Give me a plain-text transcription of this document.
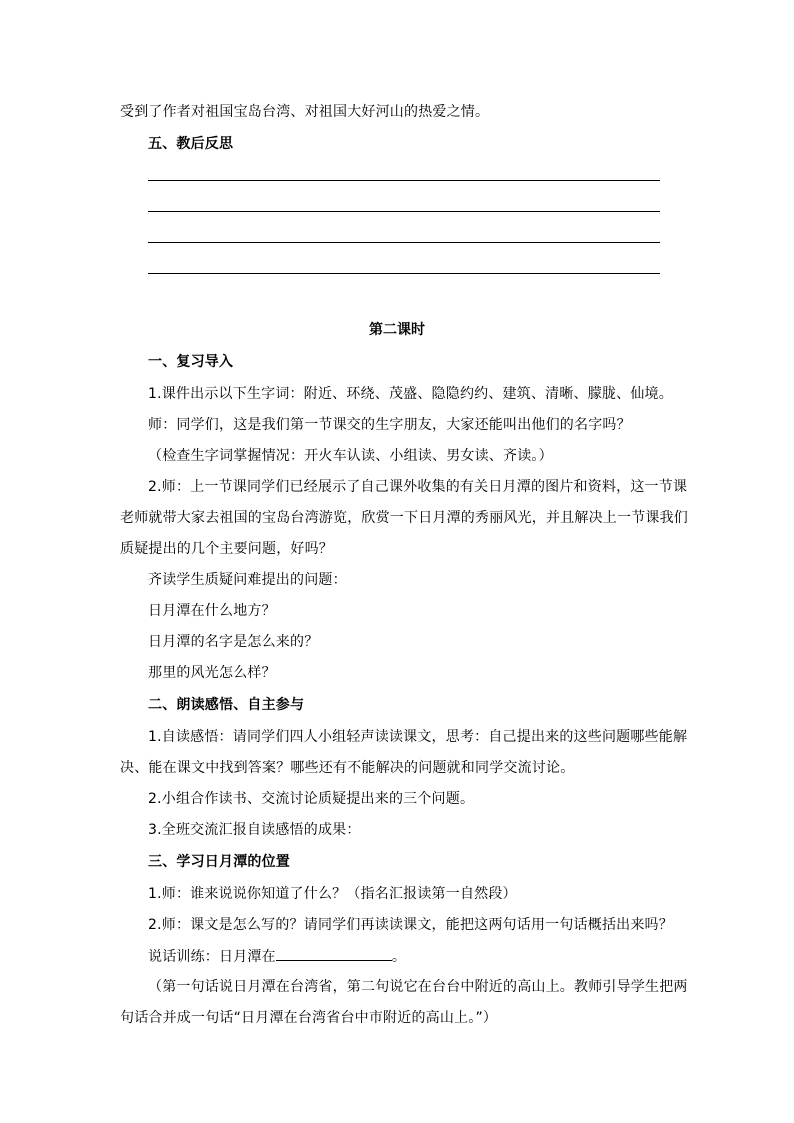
受到了作者对祖国宝岛台湾、对祖国大好河山的热爱之情。
五、教后反思
第二课时
一、复习导入
1.课件出示以下生字词：附近、环绕、茂盛、隐隐约约、建筑、清晰、朦胧、仙境。
师：同学们，这是我们第一节课交的生字朋友，大家还能叫出他们的名字吗？
（检查生字词掌握情况：开火车认读、小组读、男女读、齐读。）
2.师：上一节课同学们已经展示了自己课外收集的有关日月潭的图片和资料，这一节课
老师就带大家去祖国的宝岛台湾游览，欣赏一下日月潭的秀丽风光，并且解决上一节课我们
质疑提出的几个主要问题，好吗？
齐读学生质疑问难提出的问题：
日月潭在什么地方？
日月潭的名字是怎么来的？
那里的风光怎么样？
二、朗读感悟、自主参与
1.自读感悟：请同学们四人小组轻声读读课文，思考：自己提出来的这些问题哪些能解
决、能在课文中找到答案？哪些还有不能解决的问题就和同学交流讨论。
2.小组合作读书、交流讨论质疑提出来的三个问题。
3.全班交流汇报自读感悟的成果：
三、学习日月潭的位置
1.师：谁来说说你知道了什么？（指名汇报读第一自然段）
2.师：课文是怎么写的？请同学们再读读课文，能把这两句话用一句话概括出来吗？
说话训练：日月潭在	。
（第一句话说日月潭在台湾省，第二句说它在台台中附近的高山上。教师引导学生把两
句话合并成一句话“日月潭在台湾省台中市附近的高山上。”）
